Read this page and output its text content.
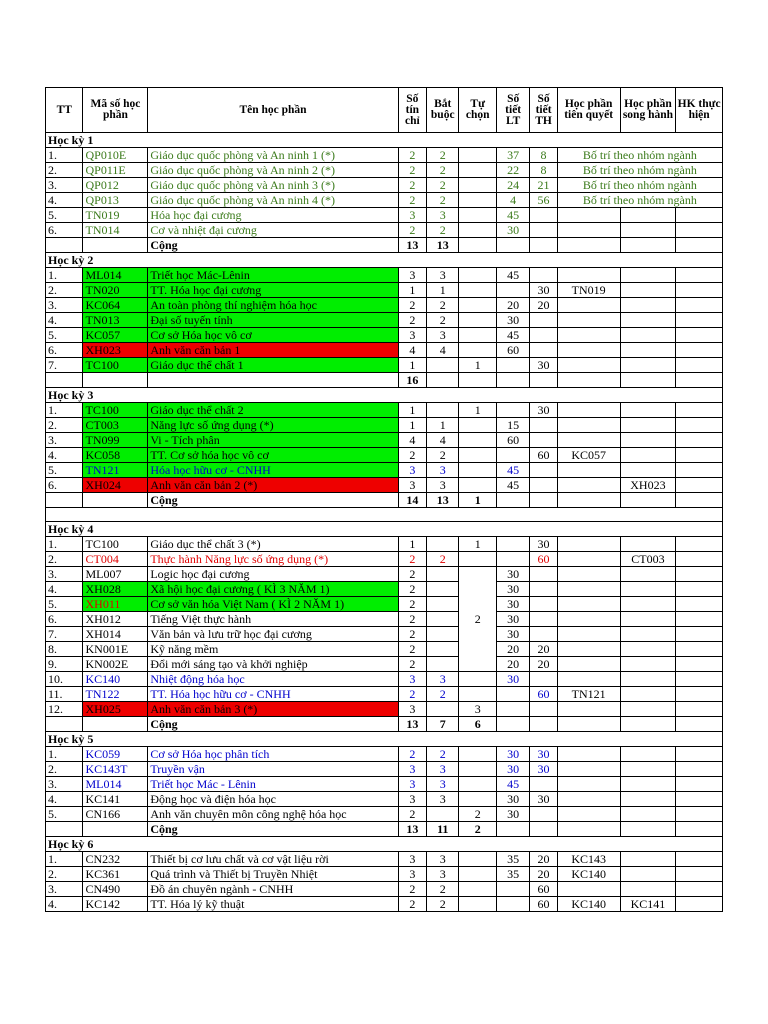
TT	Mã số học phần	Tên học phần	Số tín chỉ	Bắt buộc	Tự chọn	Số tiết LT	Số tiết TH	Học phần tiên quyết	Học phần song hành	HK thực hiện
Học kỳ 1										
1.	QP010E	Giáo dục quốc phòng và An ninh 1 (*)	2	2		37	8	Bố trí theo nhóm ngành		
2.	QP011E	Giáo dục quốc phòng và An ninh 2 (*)	2	2		22	8	Bố trí theo nhóm ngành		
3.	QP012	Giáo dục quốc phòng và An ninh 3 (*)	2	2		24	21	Bố trí theo nhóm ngành		
4.	QP013	Giáo dục quốc phòng và An ninh 4 (*)	2	2		4	56	Bố trí theo nhóm ngành		
5.	TN019	Hóa học đại cương	3	3		45				
6.	TN014	Cơ và nhiệt đại cương	2	2		30				
		Cộng	13	13						
Học kỳ 2										
1.	ML014	Triết học Mác-Lênin	3	3		45				
2.	TN020	TT. Hóa học đại cương	1	1			30	TN019		
3.	KC064	An toàn phòng thí nghiệm hóa học	2	2		20	20			
4.	TN013	Đại số tuyến tính	2	2		30				
5.	KC057	Cơ sở Hóa học vô cơ	3	3		45				
6.	XH023	Anh văn căn bản 1	4	4		60				
7.	TC100	Giáo dục thể chất 1	1		1		30			
			16							
Học kỳ 3										
1.	TC100	Giáo dục thể chất 2	1		1		30			
2.	CT003	Năng lực số ứng dụng (*)	1	1		15				
3.	TN099	Vi - Tích phân	4	4		60				
4.	KC058	TT. Cơ sở hóa học vô cơ	2	2			60	KC057		
5.	TN121	Hóa học hữu cơ - CNHH	3	3		45				
6.	XH024	Anh văn căn bản 2 (*)	3	3		45			XH023	
		Cộng	14	13	1					

Học kỳ 4										
1.	TC100	Giáo dục thể chất 3 (*)	1		1		30			
2.	CT004	Thực hành Năng lực số ứng dụng (*)	2	2			60		CT003	
3.	ML007	Logic học đại cương	2		2	30				
4.	XH028	Xã hội học đại cương ( KÌ 3 NĂM 1)	2			30				
5.	XH011	Cơ sở văn hóa Việt Nam ( KÌ 2 NĂM 1)	2			30				
6.	XH012	Tiếng Việt thực hành	2			30				
7.	XH014	Văn bản và lưu trữ học đại cương	2			30				
8.	KN001E	Kỹ năng mềm	2			20	20			
9.	KN002E	Đổi mới sáng tạo và khởi nghiệp	2			20	20			
10.	KC140	Nhiệt động hóa học	3	3		30				
11.	TN122	TT. Hóa học hữu cơ - CNHH	2	2			60	TN121		
12.	XH025	Anh văn căn bản 3 (*)	3		3					
		Cộng	13	7	6					
Học kỳ 5										
1.	KC059	Cơ sở Hóa học phân tích	2	2		30	30			
2.	KC143T	Truyền vận	3	3		30	30			
3.	ML014	Triết học Mác - Lênin	3	3		45				
4.	KC141	Động học và điện hóa học	3	3		30	30			
5.	CN166	Anh văn chuyên môn công nghệ hóa học	2		2	30				
		Cộng	13	11	2					
Học kỳ 6										
1.	CN232	Thiết bị cơ lưu chất và cơ vật liệu rời	3	3		35	20	KC143		
2.	KC361	Quá trình và Thiết bị Truyền Nhiệt	3	3		35	20	KC140		
3.	CN490	Đồ án chuyên ngành - CNHH	2	2			60			
4.	KC142	TT. Hóa lý kỹ thuật	2	2			60	KC140	KC141	
